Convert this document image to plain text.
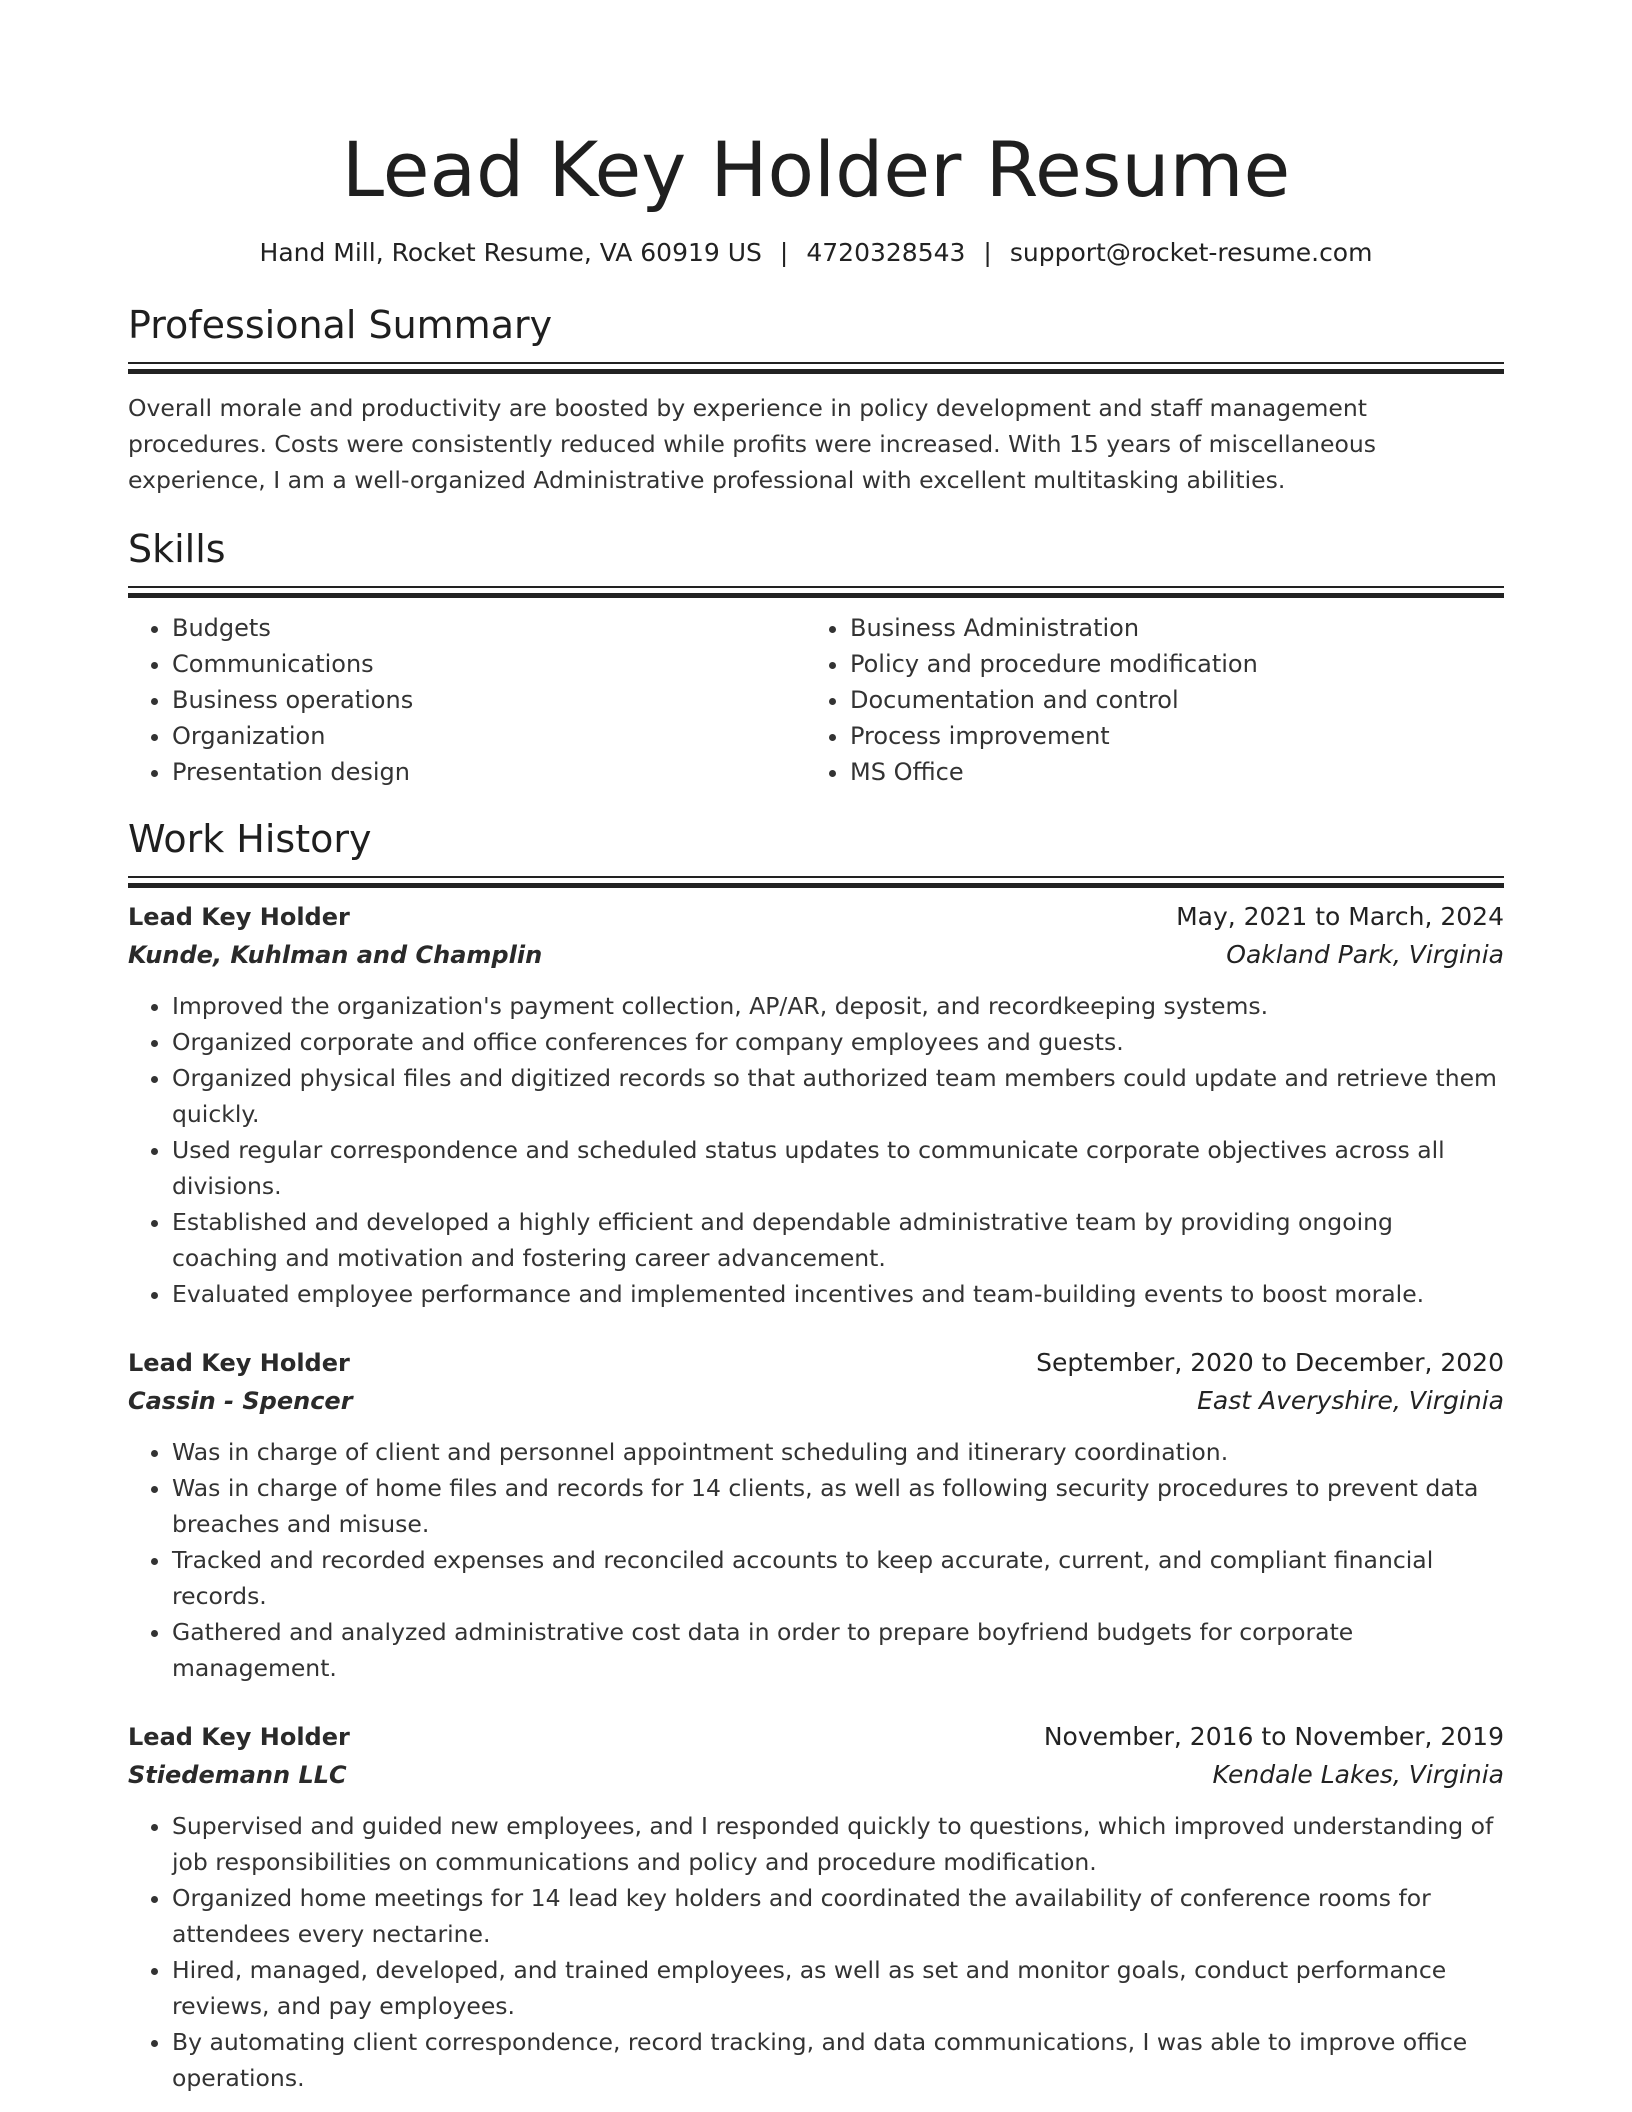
Lead Key Holder Resume
Hand Mill, Rocket Resume, VA 60919 US | 4720328543 | support@rocket-resume.com
Professional Summary

Overall morale and productivity are boosted by experience in policy development and staff management procedures. Costs were consistently reduced while profits were increased. With 15 years of miscellaneous experience, I am a well-organized Administrative professional with excellent multitasking abilities.

Skills
• Budgets
• Communications
• Business operations
• Organization
• Presentation design
• Business Administration
• Policy and procedure modification
• Documentation and control
• Process improvement
• MS Office
Work History
Lead Key Holder	May, 2021 to March, 2024
Kunde, Kuhlman and Champlin	Oakland Park, Virginia
• Improved the organization's payment collection, AP/AR, deposit, and recordkeeping systems.
• Organized corporate and office conferences for company employees and guests.
• Organized physical files and digitized records so that authorized team members could update and retrieve them quickly.
• Used regular correspondence and scheduled status updates to communicate corporate objectives across all divisions.
• Established and developed a highly efficient and dependable administrative team by providing ongoing coaching and motivation and fostering career advancement.
• Evaluated employee performance and implemented incentives and team-building events to boost morale.
Lead Key Holder	September, 2020 to December, 2020
Cassin - Spencer	East Averyshire, Virginia
• Was in charge of client and personnel appointment scheduling and itinerary coordination.
• Was in charge of home files and records for 14 clients, as well as following security procedures to prevent data breaches and misuse.
• Tracked and recorded expenses and reconciled accounts to keep accurate, current, and compliant financial records.
• Gathered and analyzed administrative cost data in order to prepare boyfriend budgets for corporate management.
Lead Key Holder	November, 2016 to November, 2019
Stiedemann LLC	Kendale Lakes, Virginia
• Supervised and guided new employees, and I responded quickly to questions, which improved understanding of job responsibilities on communications and policy and procedure modification.
• Organized home meetings for 14 lead key holders and coordinated the availability of conference rooms for attendees every nectarine.
• Hired, managed, developed, and trained employees, as well as set and monitor goals, conduct performance reviews, and pay employees.
• By automating client correspondence, record tracking, and data communications, I was able to improve office operations.
